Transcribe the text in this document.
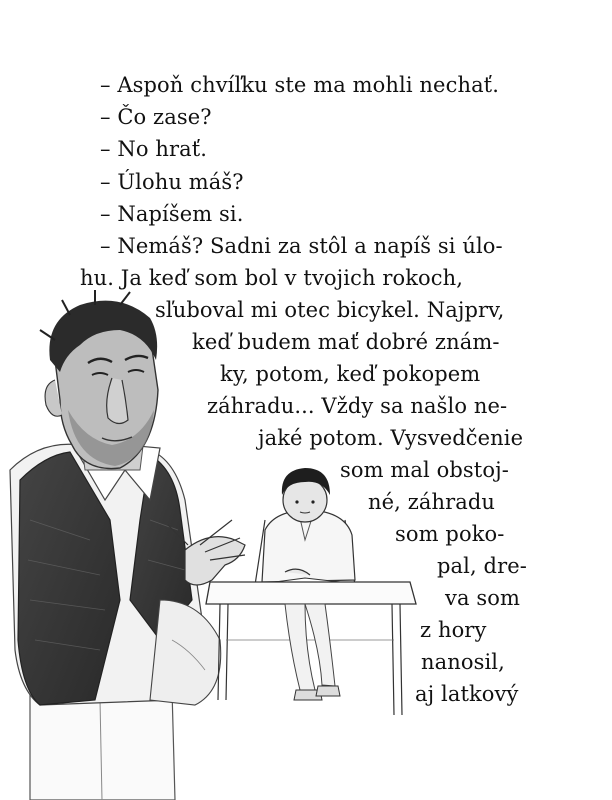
– Aspoň chvíľku ste ma mohli nechať.
– Čo zase?
– No hrať.
– Úlohu máš?
– Napíšem si.
– Nemáš? Sadni za stôl a napíš si úlo-
hu. Ja keď som bol v tvojich rokoch,
sľuboval mi otec bicykel. Najprv,
keď budem mať dobré znám-
ky, potom, keď pokopem
záhradu... Vždy sa našlo ne-
jaké potom. Vysvedčenie
som mal obstoj-
né, záhradu
som poko-
pal, dre-
va som
z hory
nanosil,
aj latkový
